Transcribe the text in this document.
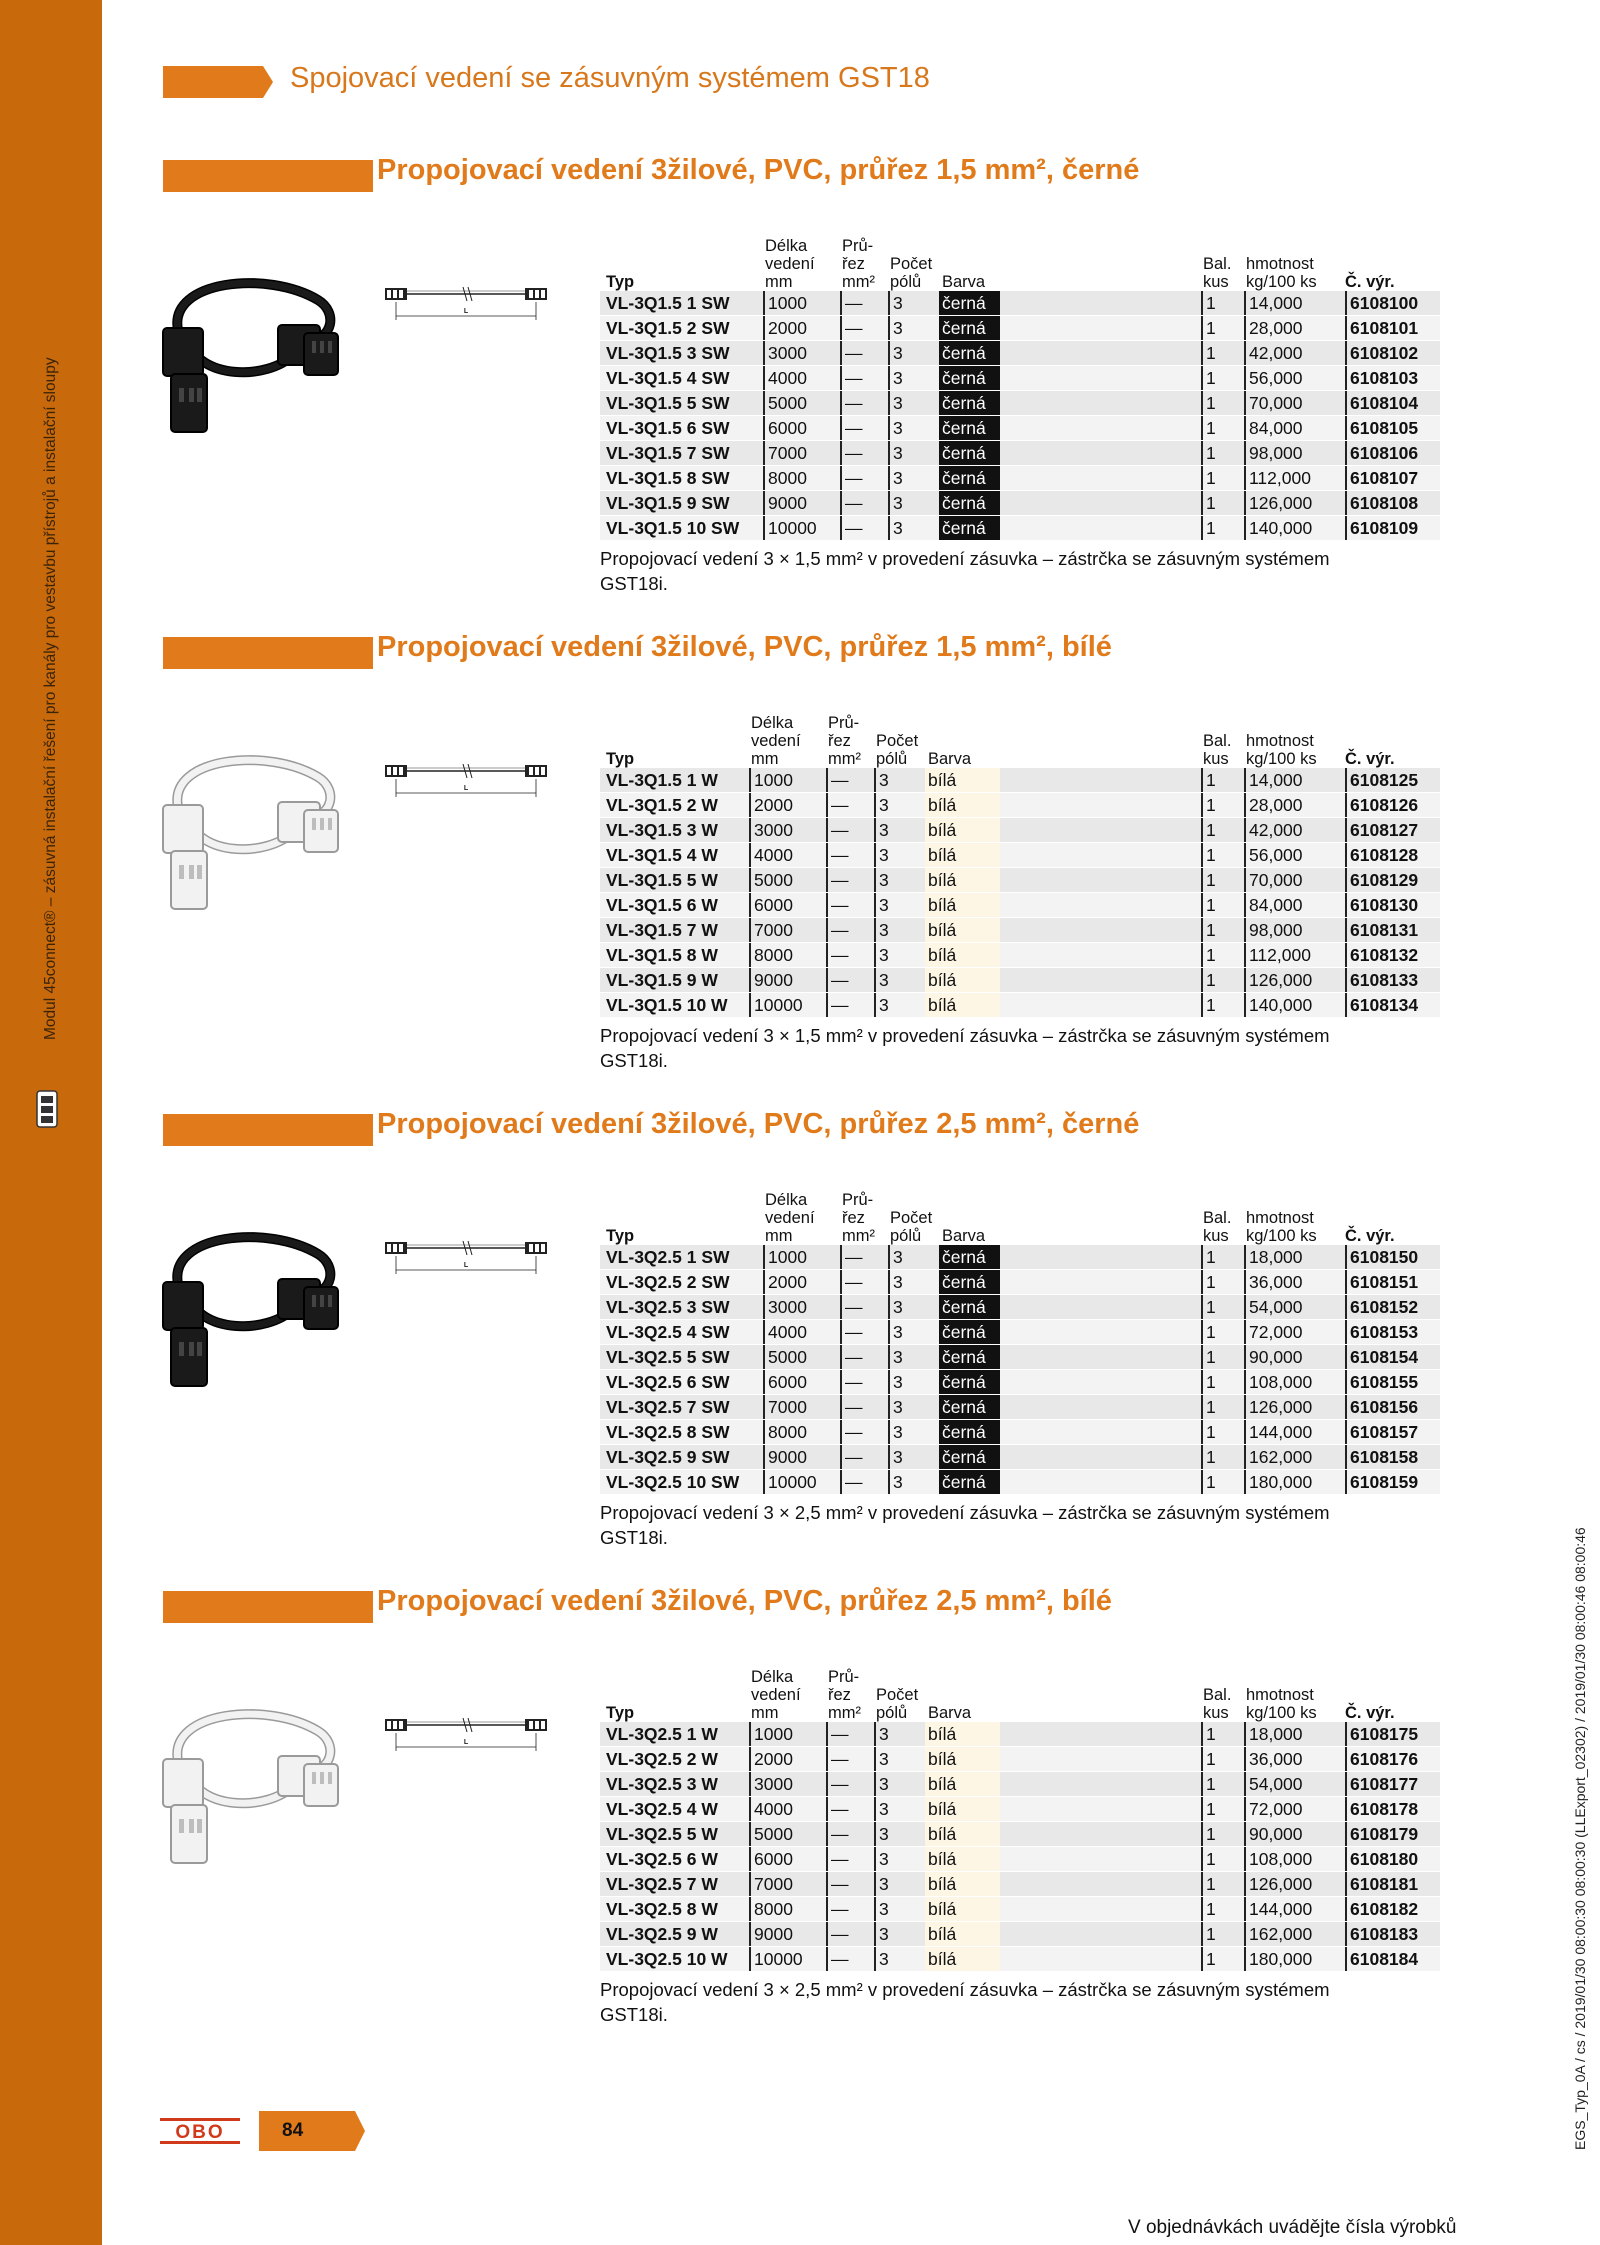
Modul 45connect® – zásuvná instalační řešení pro kanály pro vestavbu přístrojů a instalační sloupy
EGS_Typ_0A / cs / 2019/01/30 08:00:30 08:00:30 (LLExport_02302) / 2019/01/30 08:00:46 08:00:46
Spojovací vedení se zásuvným systémem GST18
Propojovací vedení 3žilové, PVC, průřez 1,5 mm², černé
L
Typ
Délka
vedení
mm
Prů-
řez
mm²
Počet
pólů	Barva
Bal.
kus
hmotnost
kg/100 ks Č. výr.
VL-3Q1.5 1 SW 1000 —	3 černá	1 14,000	6108100
VL-3Q1.5 2 SW 2000 —	3 černá	1 28,000	6108101
VL-3Q1.5 3 SW 3000 —	3 černá	1 42,000	6108102
VL-3Q1.5 4 SW 4000 —	3 černá	1 56,000	6108103
VL-3Q1.5 5 SW 5000 —	3 černá	1 70,000	6108104
VL-3Q1.5 6 SW 6000 —	3 černá	1 84,000	6108105
VL-3Q1.5 7 SW 7000 —	3 černá	1 98,000	6108106
VL-3Q1.5 8 SW 8000 —	3 černá	1 112,000 6108107
VL-3Q1.5 9 SW 9000 —	3 černá	1 126,000 6108108
VL-3Q1.5 10 SW 10000 —	3 černá	1 140,000 6108109
Propojovací vedení 3 × 1,5 mm² v provedení zásuvka – zástrčka se zásuvným systémem GST18i.
Propojovací vedení 3žilové, PVC, průřez 1,5 mm², bílé
L
Typ
Délka
vedení
mm
Prů-
řez
mm²
Počet
pólů	Barva
Bal.
kus
hmotnost
kg/100 ks Č. výr.
VL-3Q1.5 1 W 1000 —	3 bílá	1 14,000	6108125
VL-3Q1.5 2 W 2000 —	3 bílá	1 28,000	6108126
VL-3Q1.5 3 W 3000 —	3 bílá	1 42,000	6108127
VL-3Q1.5 4 W 4000 —	3 bílá	1 56,000	6108128
VL-3Q1.5 5 W 5000 —	3 bílá	1 70,000	6108129
VL-3Q1.5 6 W 6000 —	3 bílá	1 84,000	6108130
VL-3Q1.5 7 W 7000 —	3 bílá	1 98,000	6108131
VL-3Q1.5 8 W 8000 —	3 bílá	1 112,000 6108132
VL-3Q1.5 9 W 9000 —	3 bílá	1 126,000 6108133
VL-3Q1.5 10 W 10000 —	3 bílá	1 140,000 6108134
Propojovací vedení 3 × 1,5 mm² v provedení zásuvka – zástrčka se zásuvným systémem GST18i.
Propojovací vedení 3žilové, PVC, průřez 2,5 mm², černé
L
Typ
Délka
vedení
mm
Prů-
řez
mm²
Počet
pólů	Barva
Bal.
kus
hmotnost
kg/100 ks Č. výr.
VL-3Q2.5 1 SW 1000 —	3 černá	1 18,000	6108150
VL-3Q2.5 2 SW 2000 —	3 černá	1 36,000	6108151
VL-3Q2.5 3 SW 3000 —	3 černá	1 54,000	6108152
VL-3Q2.5 4 SW 4000 —	3 černá	1 72,000	6108153
VL-3Q2.5 5 SW 5000 —	3 černá	1 90,000	6108154
VL-3Q2.5 6 SW 6000 —	3 černá	1 108,000 6108155
VL-3Q2.5 7 SW 7000 —	3 černá	1 126,000 6108156
VL-3Q2.5 8 SW 8000 —	3 černá	1 144,000 6108157
VL-3Q2.5 9 SW 9000 —	3 černá	1 162,000 6108158
VL-3Q2.5 10 SW 10000 —	3 černá	1 180,000 6108159
Propojovací vedení 3 × 2,5 mm² v provedení zásuvka – zástrčka se zásuvným systémem GST18i.
Propojovací vedení 3žilové, PVC, průřez 2,5 mm², bílé
L
Typ
Délka
vedení
mm
Prů-
řez
mm²
Počet
pólů	Barva
Bal.
kus
hmotnost
kg/100 ks Č. výr.
VL-3Q2.5 1 W 1000 —	3 bílá	1 18,000	6108175
VL-3Q2.5 2 W 2000 —	3 bílá	1 36,000	6108176
VL-3Q2.5 3 W 3000 —	3 bílá	1 54,000	6108177
VL-3Q2.5 4 W 4000 —	3 bílá	1 72,000	6108178
VL-3Q2.5 5 W 5000 —	3 bílá	1 90,000	6108179
VL-3Q2.5 6 W 6000 —	3 bílá	1 108,000 6108180
VL-3Q2.5 7 W 7000 —	3 bílá	1 126,000 6108181
VL-3Q2.5 8 W 8000 —	3 bílá	1 144,000 6108182
VL-3Q2.5 9 W 9000 —	3 bílá	1 162,000 6108183
VL-3Q2.5 10 W 10000 —	3 bílá	1 180,000 6108184
Propojovací vedení 3 × 2,5 mm² v provedení zásuvka – zástrčka se zásuvným systémem GST18i.
OBO	84
V objednávkách uvádějte čísla výrobků
